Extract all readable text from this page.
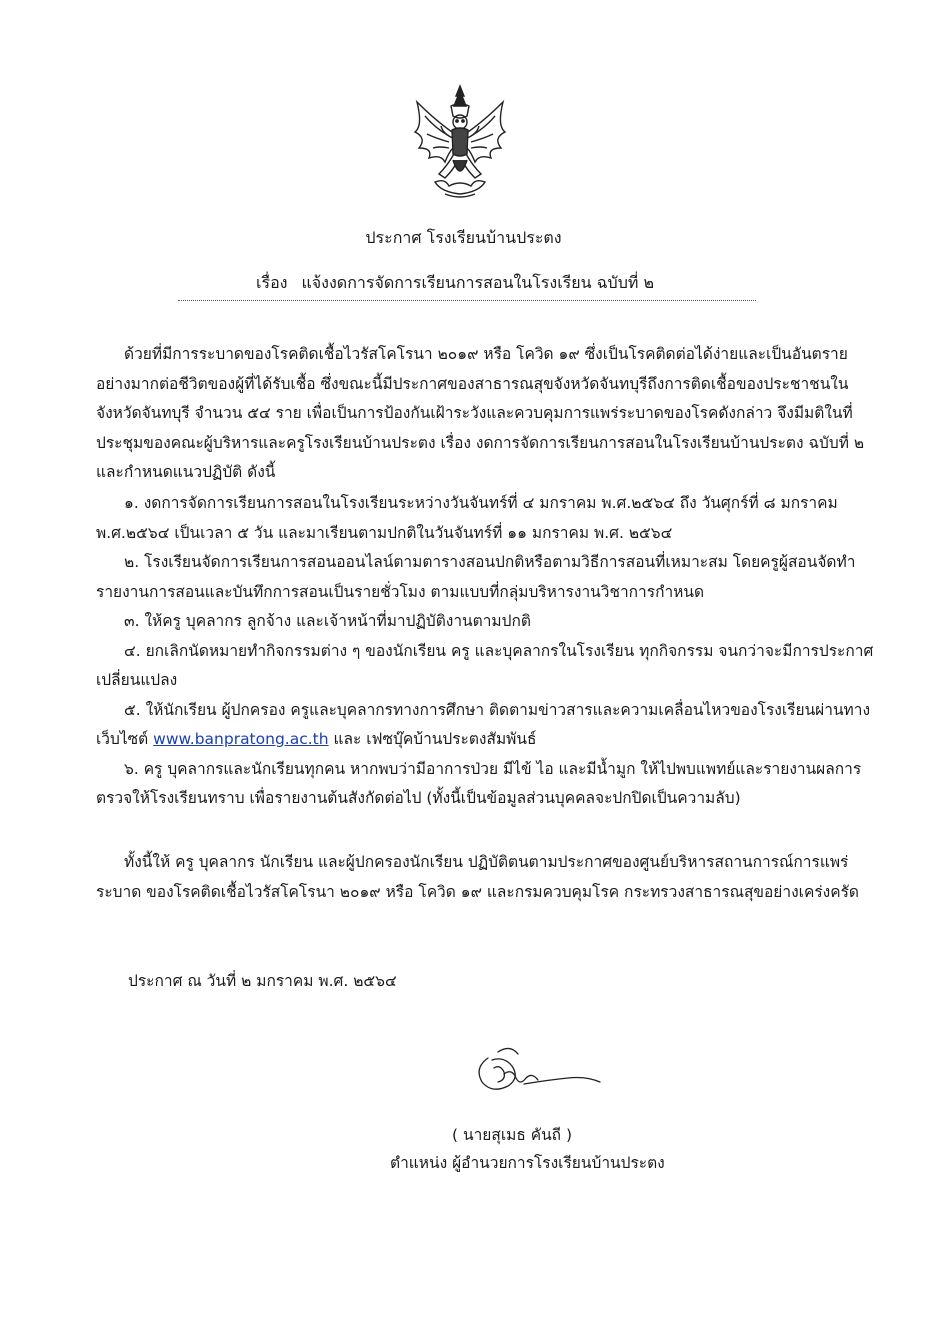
ประกาศ โรงเรียนบ้านประตง
เรื่อง แจ้งงดการจัดการเรียนการสอนในโรงเรียน ฉบับที่ ๒

ด้วยที่มีการระบาดของโรคติดเชื้อไวรัสโคโรนา ๒๐๑๙ หรือ โควิด ๑๙ ซึ่งเป็นโรคติดต่อได้ง่ายและเป็นอันตรายอย่างมากต่อชีวิตของผู้ที่ได้รับเชื้อ ซึ่งขณะนี้มีประกาศของสาธารณสุขจังหวัดจันทบุรีถึงการติดเชื้อของประชาชนในจังหวัดจันทบุรี จำนวน ๕๔ ราย เพื่อเป็นการป้องกันเฝ้าระวังและควบคุมการแพร่ระบาดของโรคดังกล่าว จึงมีมติในที่ประชุมของคณะผู้บริหารและครูโรงเรียนบ้านประตง เรื่อง งดการจัดการเรียนการสอนในโรงเรียนบ้านประตง ฉบับที่ ๒ และกำหนดแนวปฏิบัติ ดังนี้

๑. งดการจัดการเรียนการสอนในโรงเรียนระหว่างวันจันทร์ที่ ๔ มกราคม พ.ศ.๒๕๖๔ ถึง วันศุกร์ที่ ๘ มกราคม พ.ศ.๒๕๖๔ เป็นเวลา ๕ วัน และมาเรียนตามปกติในวันจันทร์ที่ ๑๑ มกราคม พ.ศ. ๒๕๖๔

๒. โรงเรียนจัดการเรียนการสอนออนไลน์ตามตารางสอนปกติหรือตามวิธีการสอนที่เหมาะสม โดยครูผู้สอนจัดทำรายงานการสอนและบันทึกการสอนเป็นรายชั่วโมง ตามแบบที่กลุ่มบริหารงานวิชาการกำหนด

๓. ให้ครู บุคลากร ลูกจ้าง และเจ้าหน้าที่มาปฏิบัติงานตามปกติ

๔. ยกเลิกนัดหมายทำกิจกรรมต่าง ๆ ของนักเรียน ครู และบุคลากรในโรงเรียน ทุกกิจกรรม จนกว่าจะมีการประกาศเปลี่ยนแปลง

๕. ให้นักเรียน ผู้ปกครอง ครูและบุคลากรทางการศึกษา ติดตามข่าวสารและความเคลื่อนไหวของโรงเรียนผ่านทางเว็บไซต์ www.banpratong.ac.th และ เฟซบุ๊คบ้านประตงสัมพันธ์

๖. ครู บุคลากรและนักเรียนทุกคน หากพบว่ามีอาการป่วย มีไข้ ไอ และมีน้ำมูก ให้ไปพบแพทย์และรายงานผลการตรวจให้โรงเรียนทราบ เพื่อรายงานต้นสังกัดต่อไป (ทั้งนี้เป็นข้อมูลส่วนบุคคลจะปกปิดเป็นความลับ)

ทั้งนี้ให้ ครู บุคลากร นักเรียน และผู้ปกครองนักเรียน ปฏิบัติตนตามประกาศของศูนย์บริหารสถานการณ์การแพร่ระบาด ของโรคติดเชื้อไวรัสโคโรนา ๒๐๑๙ หรือ โควิด ๑๙ และกรมควบคุมโรค กระทรวงสาธารณสุขอย่างเคร่งครัด

ประกาศ ณ วันที่ ๒ มกราคม พ.ศ. ๒๕๖๔
( นายสุเมธ คันถี )
ตำแหน่ง ผู้อำนวยการโรงเรียนบ้านประตง
